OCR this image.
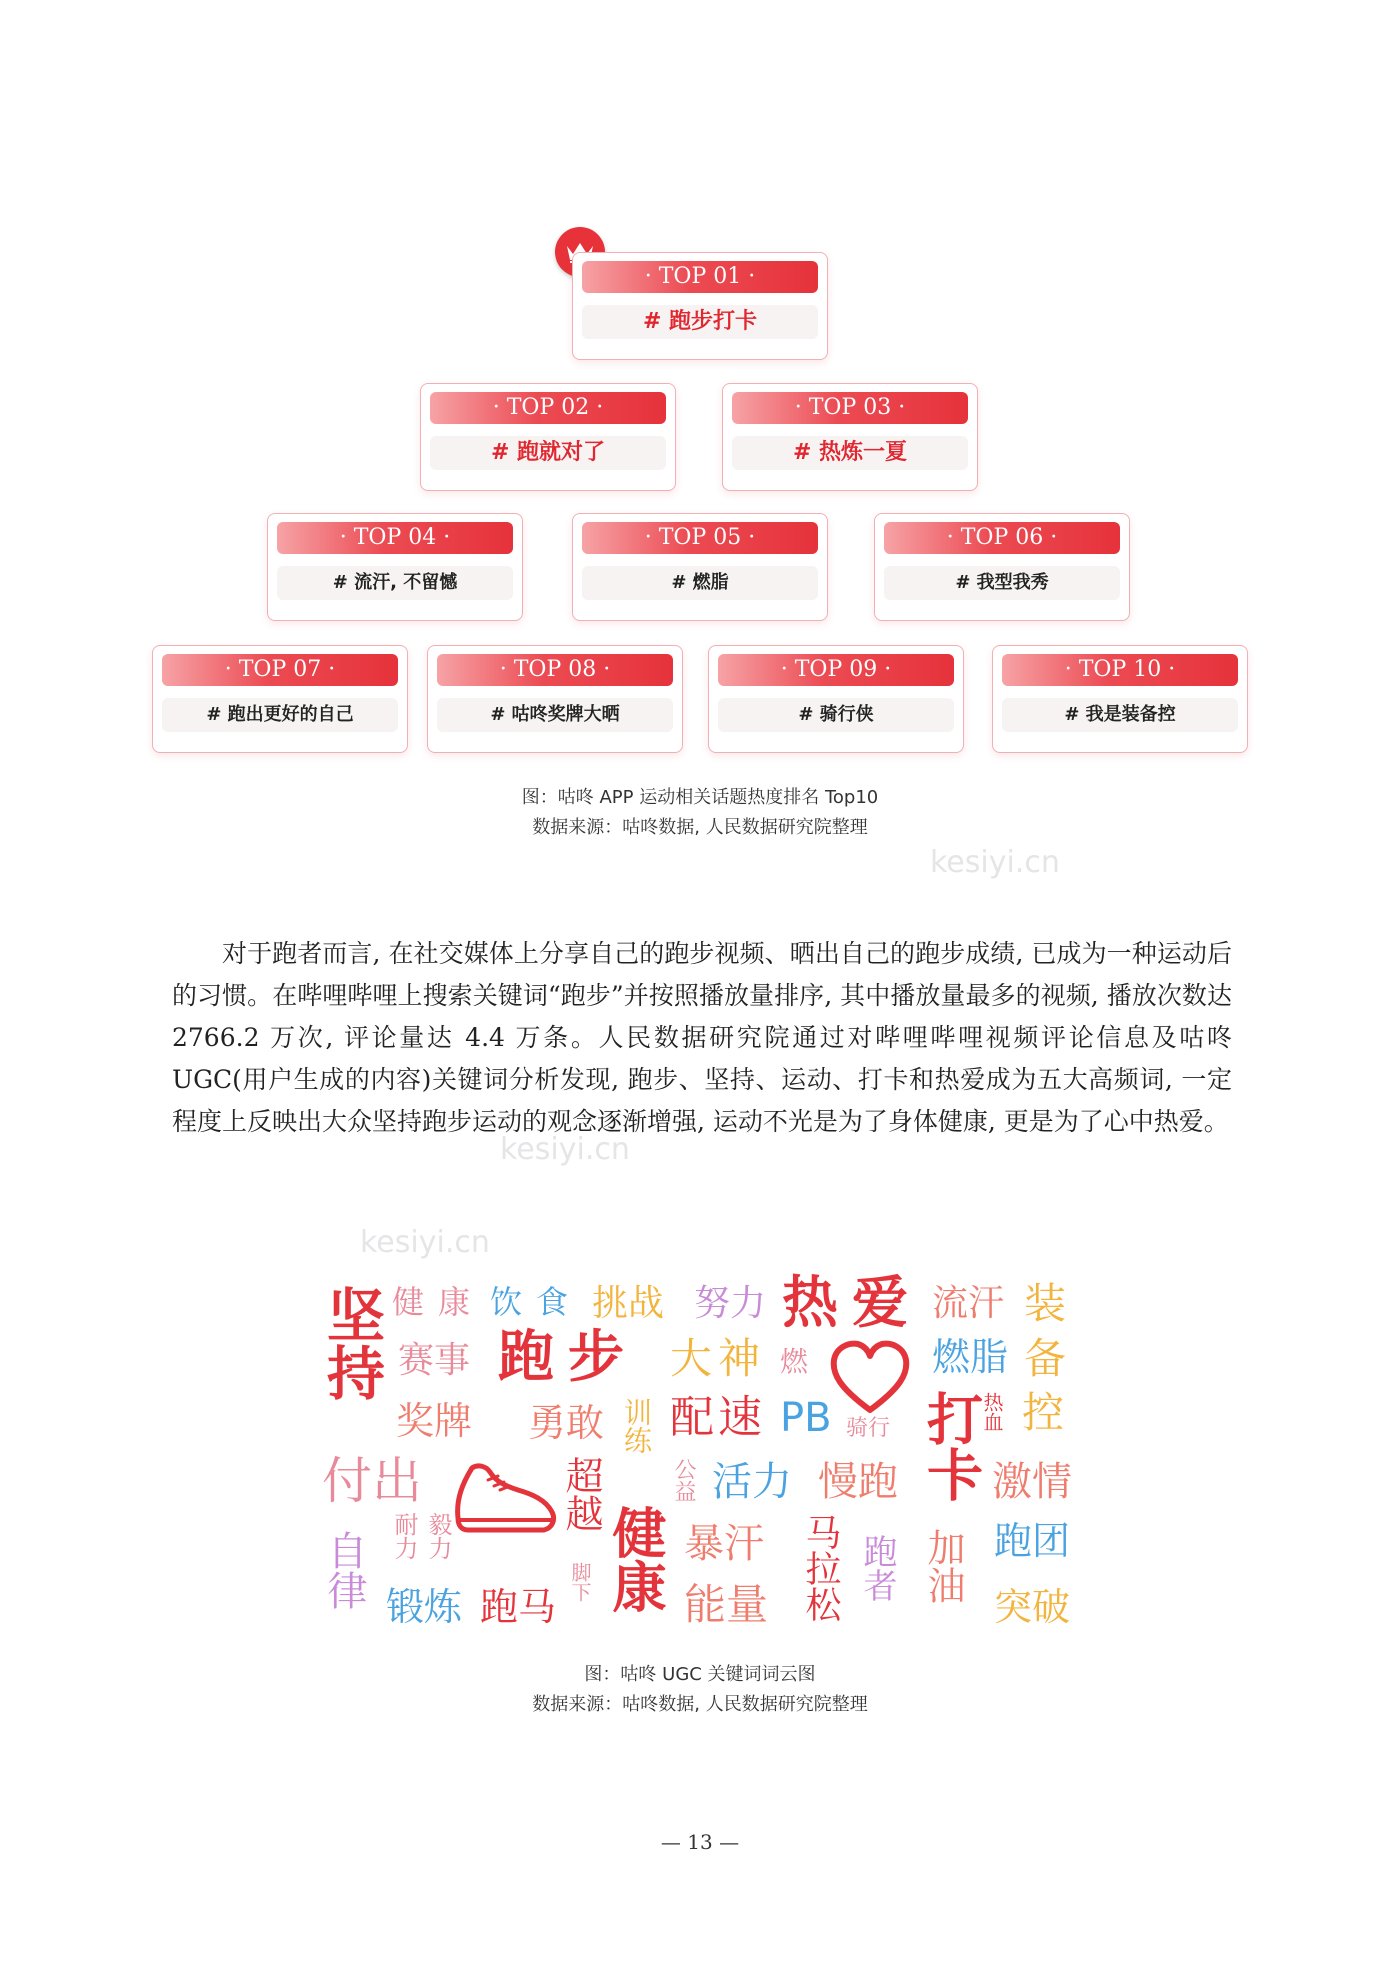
· TOP 01 ·
# 跑步打卡
· TOP 02 ·
# 跑就对了
· TOP 03 ·
# 热炼一夏
· TOP 04 ·
# 流汗, 不留憾
· TOP 05 ·
# 燃脂
· TOP 06 ·
# 我型我秀
· TOP 07 ·
# 跑出更好的自己
· TOP 08 ·
# 咕咚奖牌大晒
· TOP 09 ·
# 骑行侠
· TOP 10 ·
# 我是装备控
图：咕咚 APP 运动相关话题热度排名 Top10
数据来源：咕咚数据, 人民数据研究院整理
kesiyi.cn
kesiyi.cn
kesiyi.cn

对于跑者而言, 在社交媒体上分享自己的跑步视频、晒出自己的跑步成绩, 已成为一种运动后的习惯。在哔哩哔哩上搜索关键词“跑步”并按照播放量排序, 其中播放量最多的视频, 播放次数达 2766.2 万次, 评论量达 4.4 万条。人民数据研究院通过对哔哩哔哩视频评论信息及咕咚 UGC(用户生成的内容)关键词分析发现, 跑步、坚持、运动、打卡和热爱成为五大高频词, 一定程度上反映出大众坚持跑步运动的观念逐渐增强, 运动不光是为了身体健康, 更是为了心中热爱。

坚持 健康 饮食 挑战 努力 热爱 流汗 装
赛事 跑步 大神 燃	燃脂 备
奖牌 勇敢 训练 配速 PB 骑行 打卡
热血 控
付出	超越	公益 活力 慢跑 激情
耐力 毅力
自律	健康 暴汗 马拉松 跑者 加油 跑团
脚下
锻炼 跑马	能量	突破
图：咕咚 UGC 关键词词云图
数据来源：咕咚数据, 人民数据研究院整理
— 13 —
